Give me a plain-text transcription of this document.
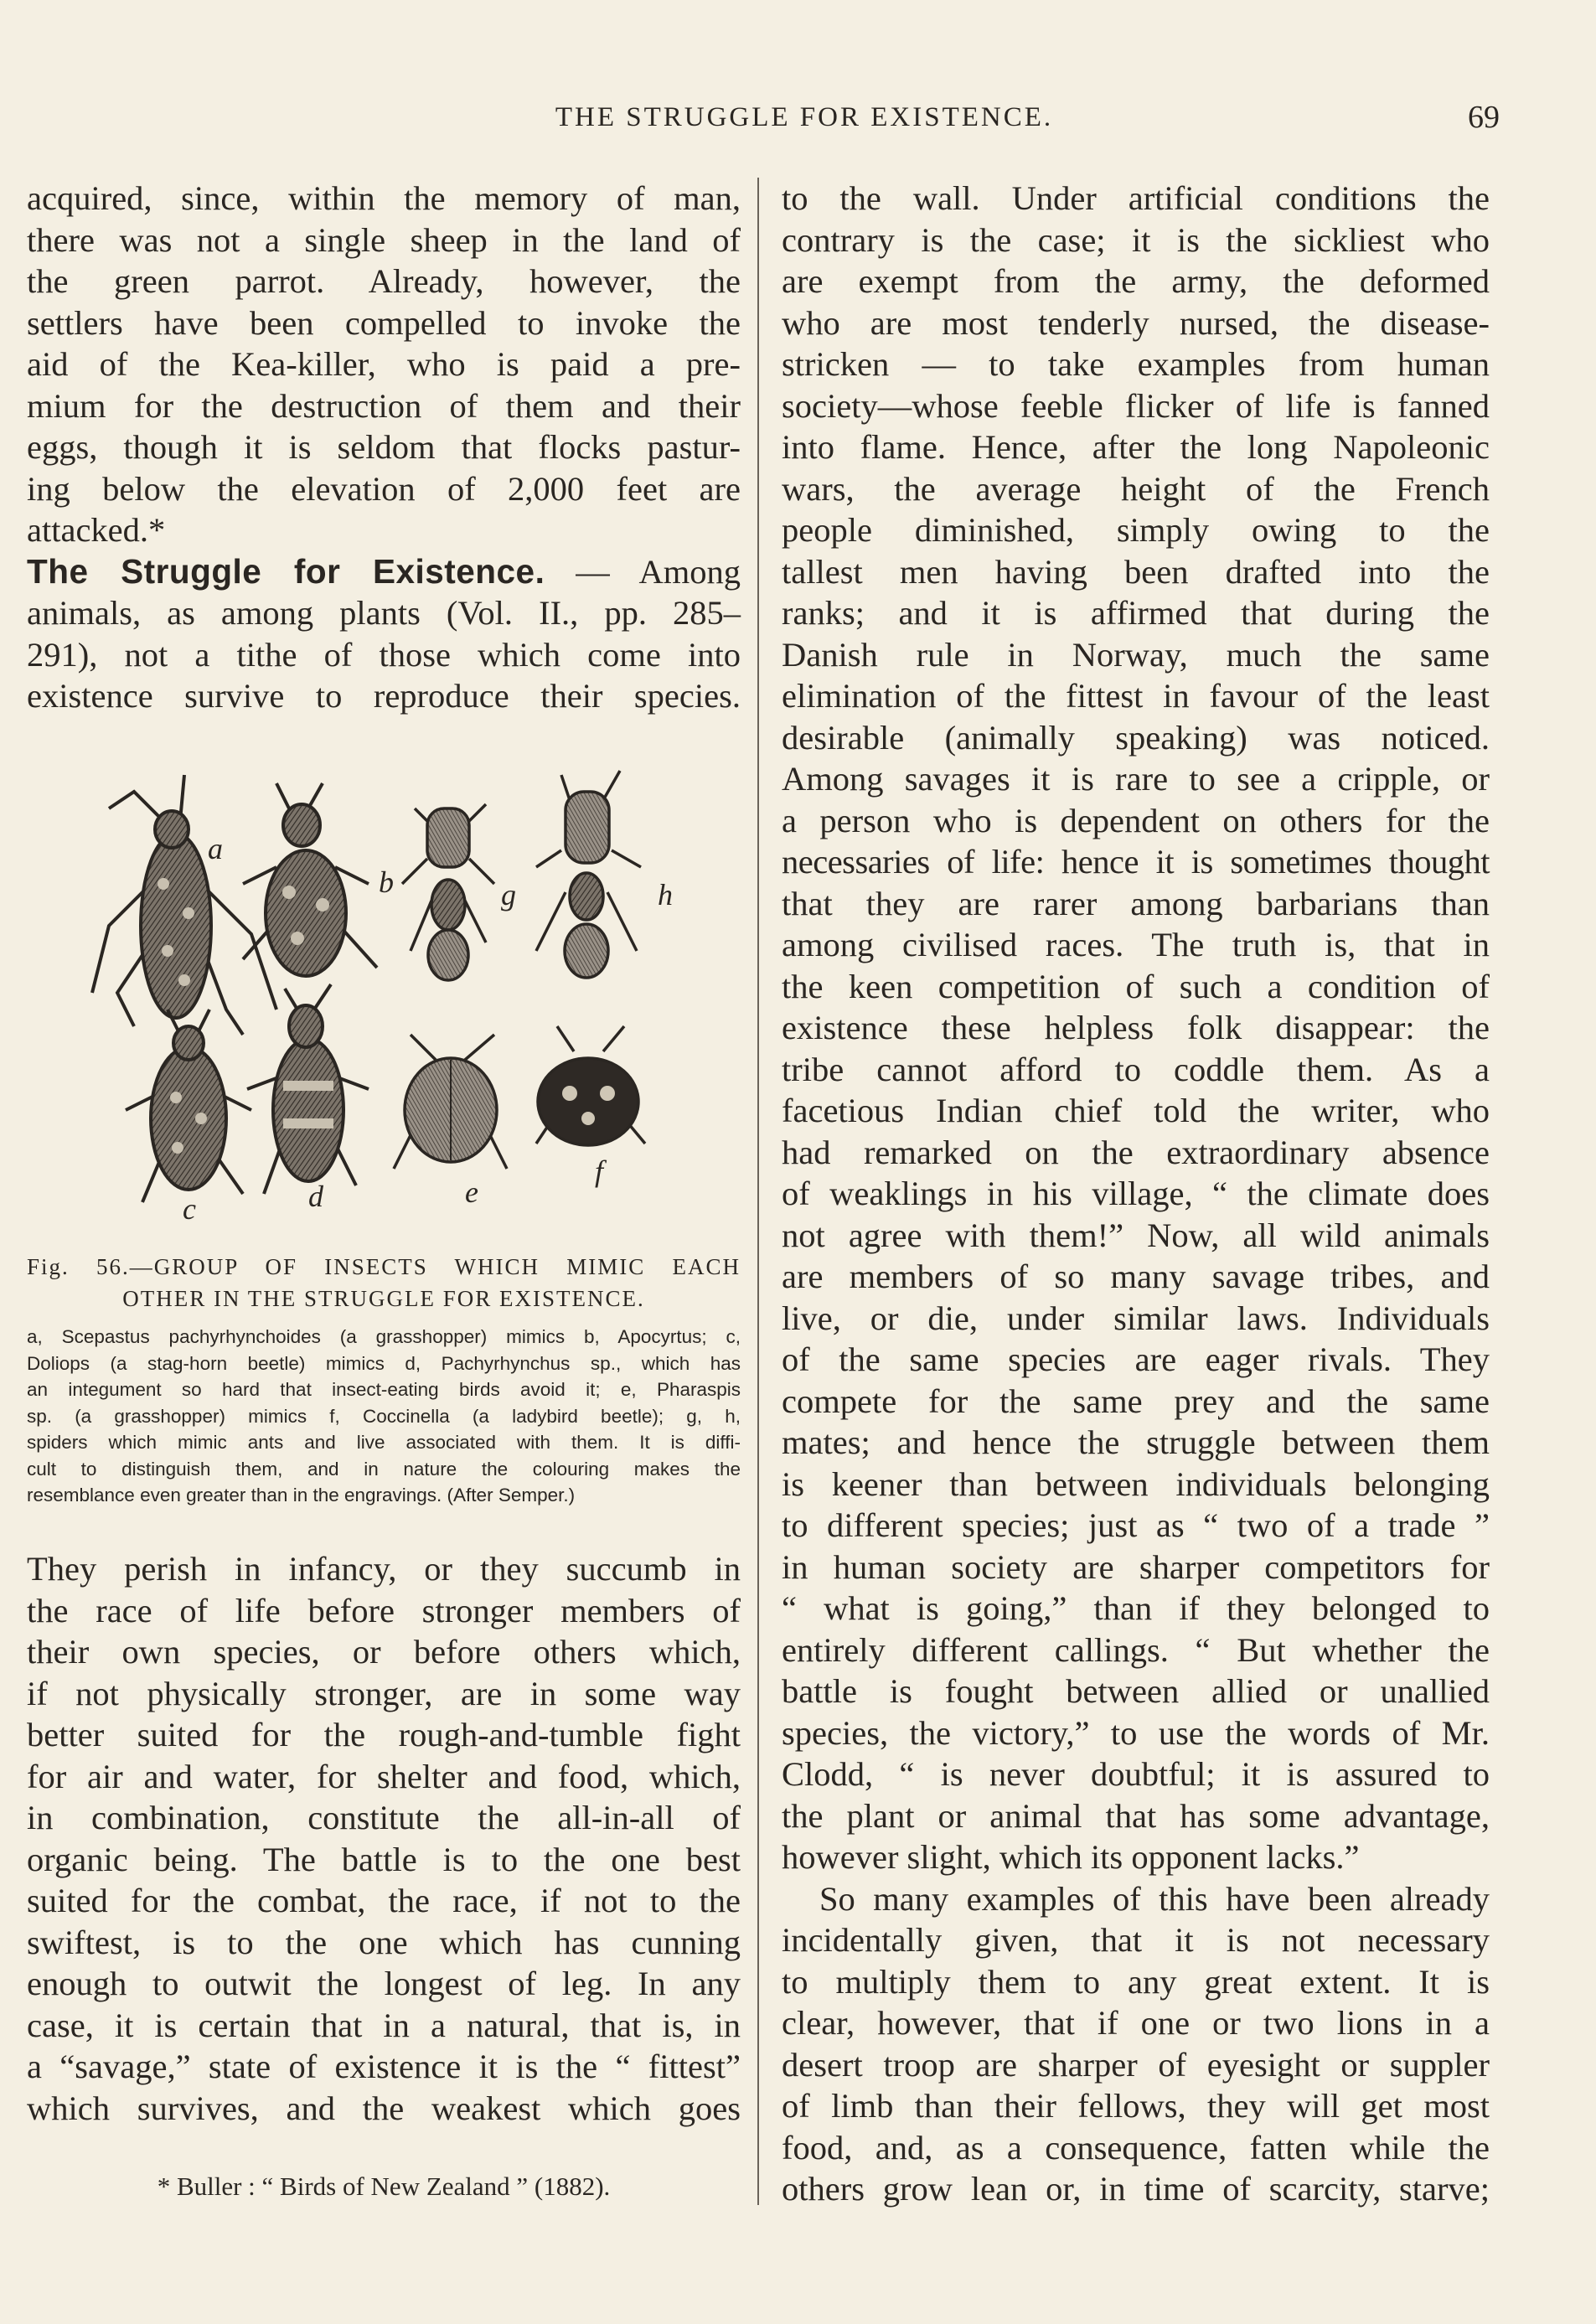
THE STRUGGLE FOR EXISTENCE.	69
acquired, since, within the memory of man,
there was not a single sheep in the land of
the green parrot. Already, however, the
settlers have been compelled to invoke the
aid of the Kea-killer, who is paid a pre-
mium for the destruction of them and their
eggs, though it is seldom that flocks pastur-
ing below the elevation of 2,000 feet are
attacked.*
The Struggle for Existence. — Among
animals, as among plants (Vol. II., pp. 285–
291), not a tithe of those which come into
existence survive to reproduce their species.
a
b	g	h
c	d	e
f
Fig. 56.—GROUP OF INSECTS WHICH MIMIC EACH
OTHER IN THE STRUGGLE FOR EXISTENCE.
a, Scepastus pachyrhynchoides (a grasshopper) mimics b, Apocyrtus; c,
Doliops (a stag-horn beetle) mimics d, Pachyrhynchus sp., which has
an integument so hard that insect-eating birds avoid it; e, Pharaspis
sp. (a grasshopper) mimics f, Coccinella (a ladybird beetle); g, h,
spiders which mimic ants and live associated with them. It is diffi-
cult to distinguish them, and in nature the colouring makes the
resemblance even greater than in the engravings. (After Semper.)
They perish in infancy, or they succumb in
the race of life before stronger members of
their own species, or before others which,
if not physically stronger, are in some way
better suited for the rough-and-tumble fight
for air and water, for shelter and food, which,
in combination, constitute the all-in-all of
organic being. The battle is to the one best
suited for the combat, the race, if not to the
swiftest, is to the one which has cunning
enough to outwit the longest of leg. In any
case, it is certain that in a natural, that is, in
a “savage,” state of existence it is the “ fittest”
which survives, and the weakest which goes
* Buller : “ Birds of New Zealand ” (1882).
to the wall. Under artificial conditions the
contrary is the case; it is the sickliest who
are exempt from the army, the deformed
who are most tenderly nursed, the disease-
stricken — to take examples from human
society—whose feeble flicker of life is fanned
into flame. Hence, after the long Napoleonic
wars, the average height of the French
people diminished, simply owing to the
tallest men having been drafted into the
ranks; and it is affirmed that during the
Danish rule in Norway, much the same
elimination of the fittest in favour of the least
desirable (animally speaking) was noticed.
Among savages it is rare to see a cripple, or
a person who is dependent on others for the
necessaries of life: hence it is sometimes thought
that they are rarer among barbarians than
among civilised races. The truth is, that in
the keen competition of such a condition of
existence these helpless folk disappear: the
tribe cannot afford to coddle them. As a
facetious Indian chief told the writer, who
had remarked on the extraordinary absence
of weaklings in his village, “ the climate does
not agree with them!” Now, all wild animals
are members of so many savage tribes, and
live, or die, under similar laws. Individuals
of the same species are eager rivals. They
compete for the same prey and the same
mates; and hence the struggle between them
is keener than between individuals belonging
to different species; just as “ two of a trade ”
in human society are sharper competitors for
“ what is going,” than if they belonged to
entirely different callings. “ But whether the
battle is fought between allied or unallied
species, the victory,” to use the words of Mr.
Clodd, “ is never doubtful; it is assured to
the plant or animal that has some advantage,
however slight, which its opponent lacks.”
So many examples of this have been already
incidentally given, that it is not necessary
to multiply them to any great extent. It is
clear, however, that if one or two lions in a
desert troop are sharper of eyesight or suppler
of limb than their fellows, they will get most
food, and, as a consequence, fatten while the
others grow lean or, in time of scarcity, starve;
